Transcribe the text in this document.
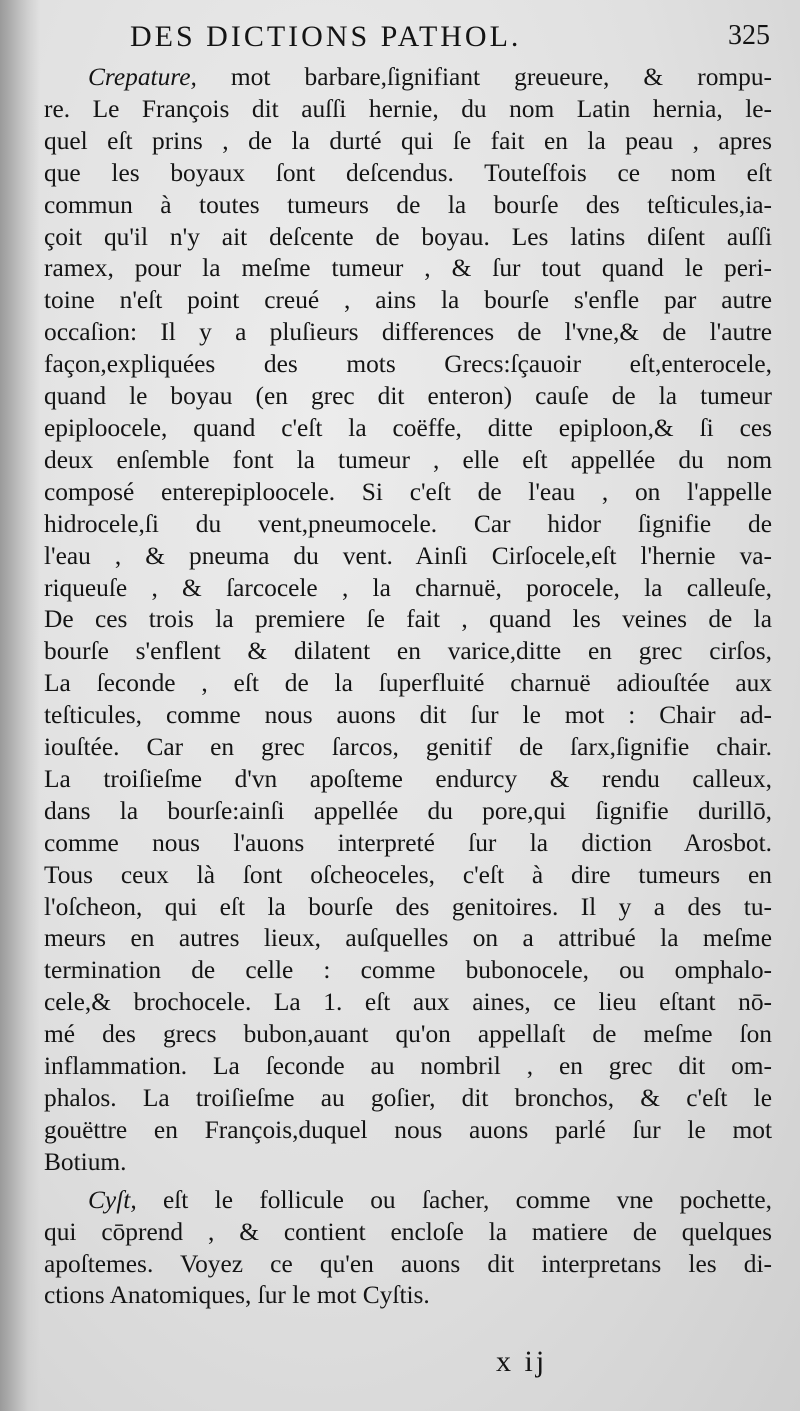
DES DICTIONS PATHOL.	325
Crepature, mot barbare,ſignifiant greueure, & rompu-
re. Le François dit auſſi hernie, du nom Latin hernia, le-
quel eſt prins , de la durté qui ſe fait en la peau , apres
que les boyaux ſont deſcendus. Touteſfois ce nom eſt
commun à toutes tumeurs de la bourſe des teſticules,ia-
çoit qu'il n'y ait deſcente de boyau. Les latins diſent auſſi
ramex, pour la meſme tumeur , & ſur tout quand le peri-
toine n'eſt point creué , ains la bourſe s'enfle par autre
occaſion: Il y a pluſieurs differences de l'vne,& de l'autre
façon,expliquées des mots Grecs:ſçauoir eſt,enterocele,
quand le boyau (en grec dit enteron) cauſe de la tumeur
epiploocele, quand c'eſt la coëffe, ditte epiploon,& ſi ces
deux enſemble font la tumeur , elle eſt appellée du nom
composé enterepiploocele. Si c'eſt de l'eau , on l'appelle
hidrocele,ſi du vent,pneumocele. Car hidor ſignifie de
l'eau , & pneuma du vent. Ainſi Cirſocele,eſt l'hernie va-
riqueuſe , & ſarcocele , la charnuë, porocele, la calleuſe,
De ces trois la premiere ſe fait , quand les veines de la
bourſe s'enflent & dilatent en varice,ditte en grec cirſos,
La ſeconde , eſt de la ſuperfluité charnuë adiouſtée aux
teſticules, comme nous auons dit ſur le mot : Chair ad-
iouſtée. Car en grec ſarcos, genitif de ſarx,ſignifie chair.
La troiſieſme d'vn apoſteme endurcy & rendu calleux,
dans la bourſe:ainſi appellée du pore,qui ſignifie durillō,
comme nous l'auons interpreté ſur la diction Arosbot.
Tous ceux là ſont oſcheoceles, c'eſt à dire tumeurs en
l'oſcheon, qui eſt la bourſe des genitoires. Il y a des tu-
meurs en autres lieux, auſquelles on a attribué la meſme
termination de celle : comme bubonocele, ou omphalo-
cele,& brochocele. La 1. eſt aux aines, ce lieu eſtant nō-
mé des grecs bubon,auant qu'on appellaſt de meſme ſon
inflammation. La ſeconde au nombril , en grec dit om-
phalos. La troiſieſme au goſier, dit bronchos, & c'eſt le
gouëttre en François,duquel nous auons parlé ſur le mot
Botium.
Cyſt, eſt le follicule ou ſacher, comme vne pochette,
qui cōprend , & contient encloſe la matiere de quelques
apoſtemes. Voyez ce qu'en auons dit interpretans les di-
ctions Anatomiques, ſur le mot Cyſtis.
x ij
